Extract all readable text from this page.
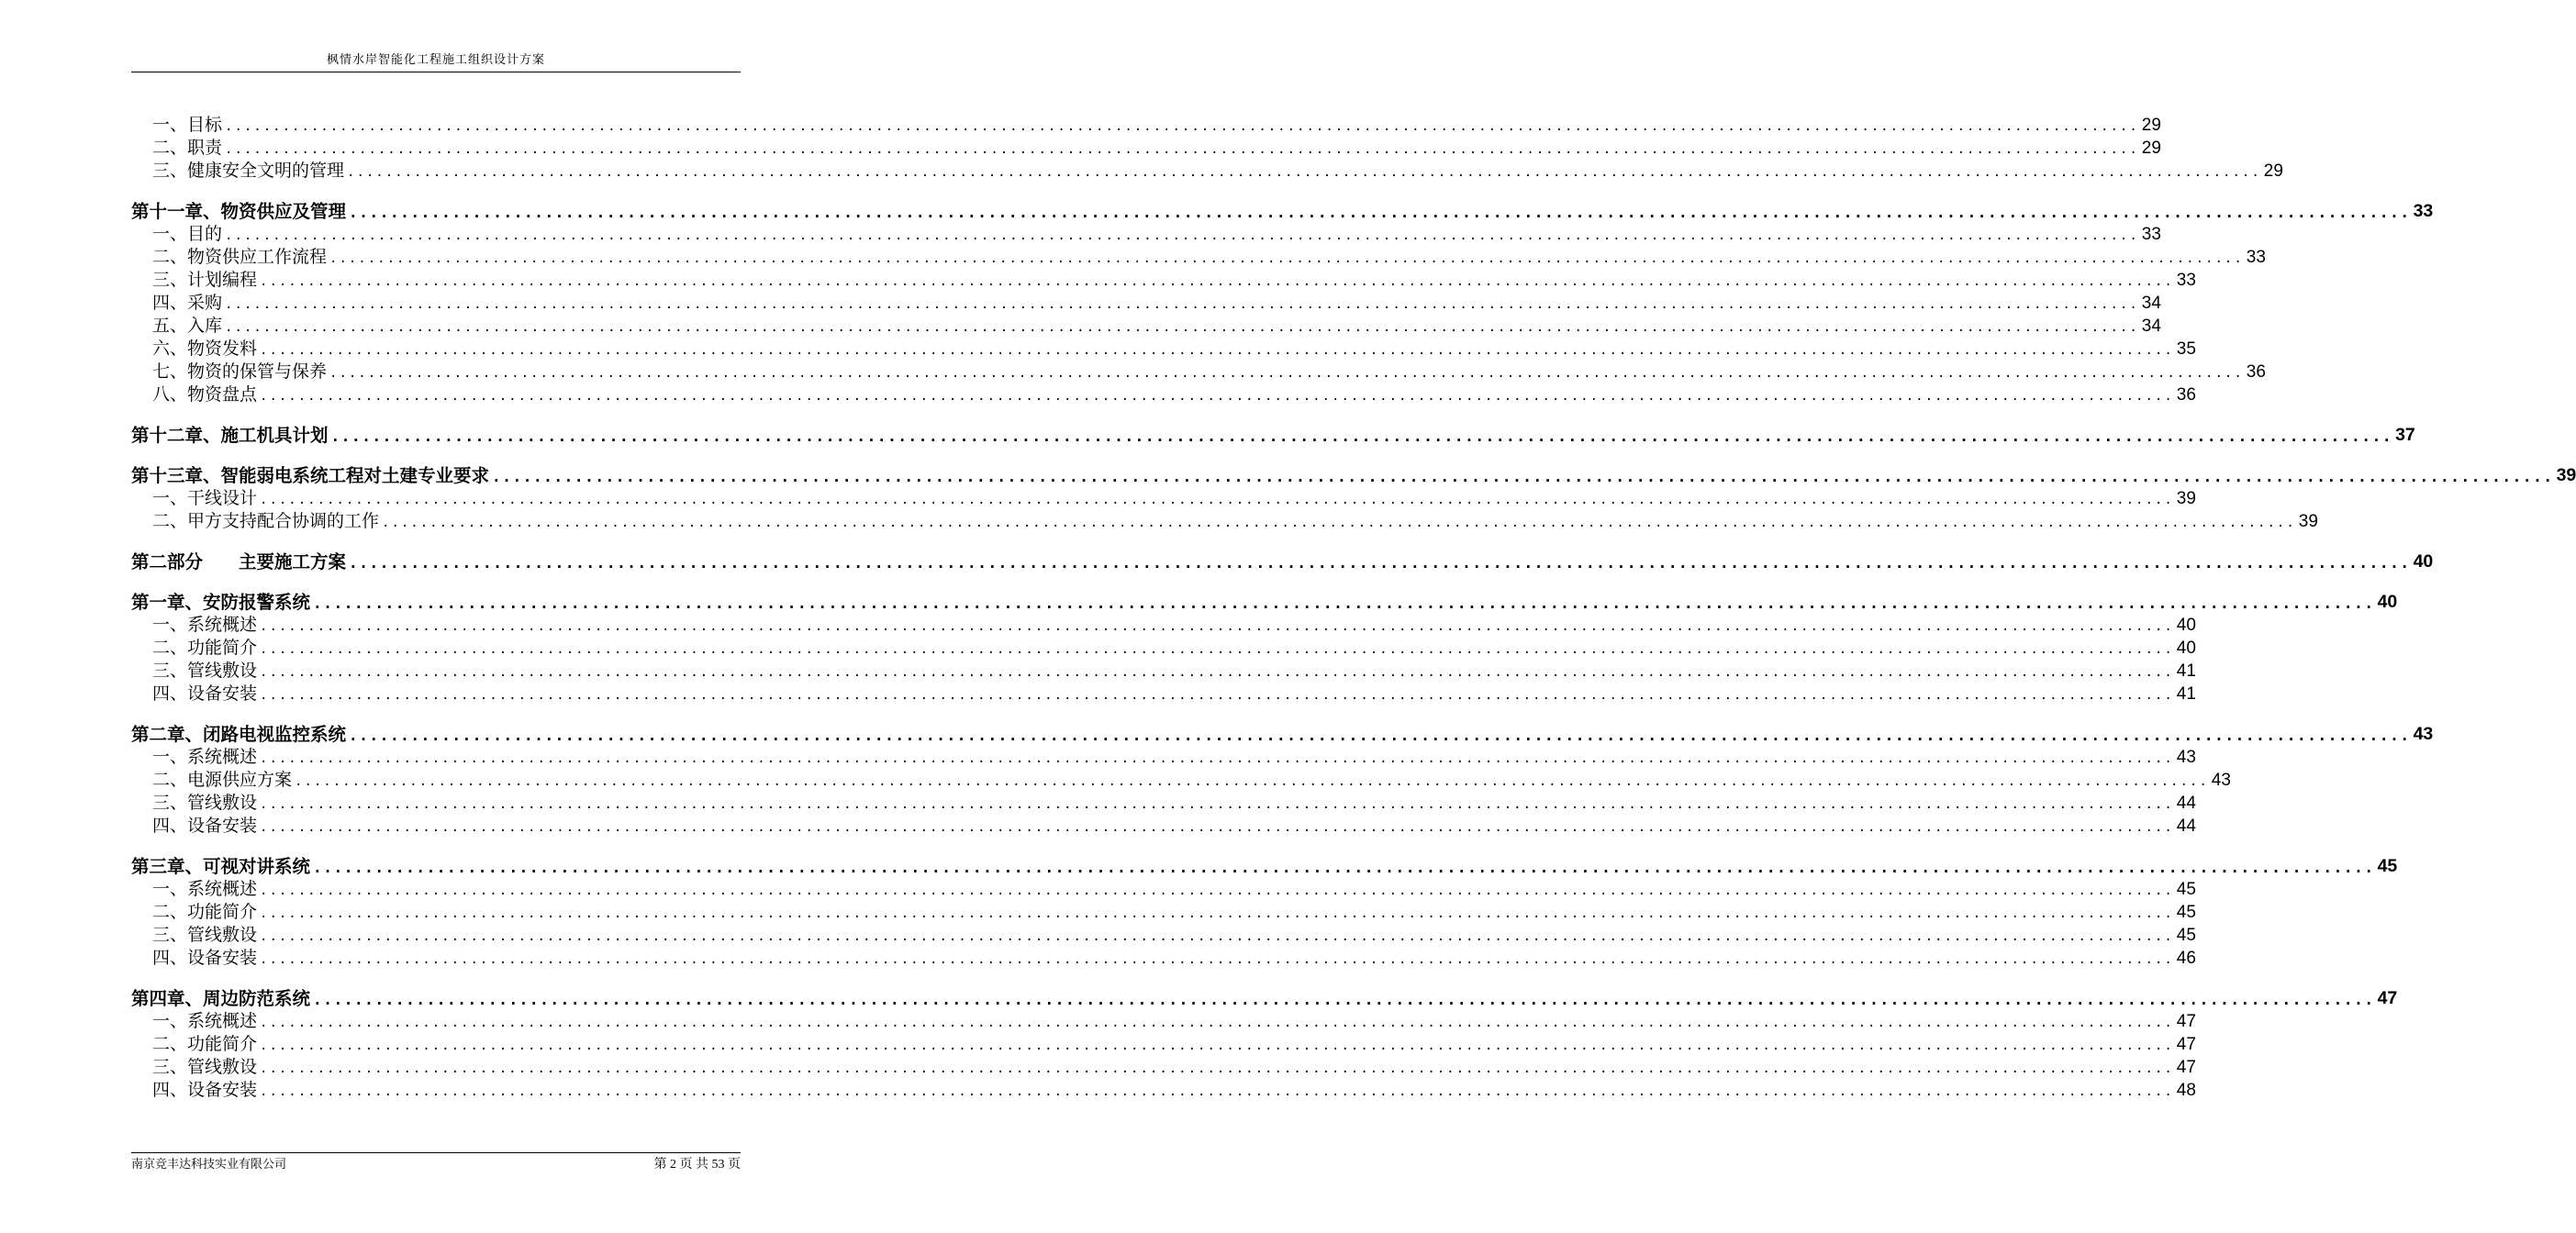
枫情水岸智能化工程施工组织设计方案
一、目标 ........................................................................................................................................................................................................ 29
二、职责 ........................................................................................................................................................................................................ 29
三、健康安全文明的管理 ........................................................................................................................................................................................................ 29
第十一章、物资供应及管理 ........................................................................................................................................................................................................ 33
一、目的 ........................................................................................................................................................................................................ 33
二、物资供应工作流程 ........................................................................................................................................................................................................ 33
三、计划编程 ........................................................................................................................................................................................................ 33
四、采购 ........................................................................................................................................................................................................ 34
五、入库 ........................................................................................................................................................................................................ 34
六、物资发料 ........................................................................................................................................................................................................ 35
七、物资的保管与保养 ........................................................................................................................................................................................................ 36
八、物资盘点 ........................................................................................................................................................................................................ 36
第十二章、施工机具计划 ........................................................................................................................................................................................................ 37
第十三章、智能弱电系统工程对土建专业要求 ........................................................................................................................................................................................................ 39
一、干线设计 ........................................................................................................................................................................................................ 39
二、甲方支持配合协调的工作 ........................................................................................................................................................................................................ 39
第二部分　　主要施工方案 ........................................................................................................................................................................................................ 40
第一章、安防报警系统 ........................................................................................................................................................................................................ 40
一、系统概述 ........................................................................................................................................................................................................ 40
二、功能简介 ........................................................................................................................................................................................................ 40
三、管线敷设 ........................................................................................................................................................................................................ 41
四、设备安装 ........................................................................................................................................................................................................ 41
第二章、闭路电视监控系统 ........................................................................................................................................................................................................ 43
一、系统概述 ........................................................................................................................................................................................................ 43
二、电源供应方案 ........................................................................................................................................................................................................ 43
三、管线敷设 ........................................................................................................................................................................................................ 44
四、设备安装 ........................................................................................................................................................................................................ 44
第三章、可视对讲系统 ........................................................................................................................................................................................................ 45
一、系统概述 ........................................................................................................................................................................................................ 45
二、功能简介 ........................................................................................................................................................................................................ 45
三、管线敷设 ........................................................................................................................................................................................................ 45
四、设备安装 ........................................................................................................................................................................................................ 46
第四章、周边防范系统 ........................................................................................................................................................................................................ 47
一、系统概述 ........................................................................................................................................................................................................ 47
二、功能简介 ........................................................................................................................................................................................................ 47
三、管线敷设 ........................................................................................................................................................................................................ 47
四、设备安装 ........................................................................................................................................................................................................ 48
南京竞丰达科技实业有限公司	第 2 页 共 53 页
